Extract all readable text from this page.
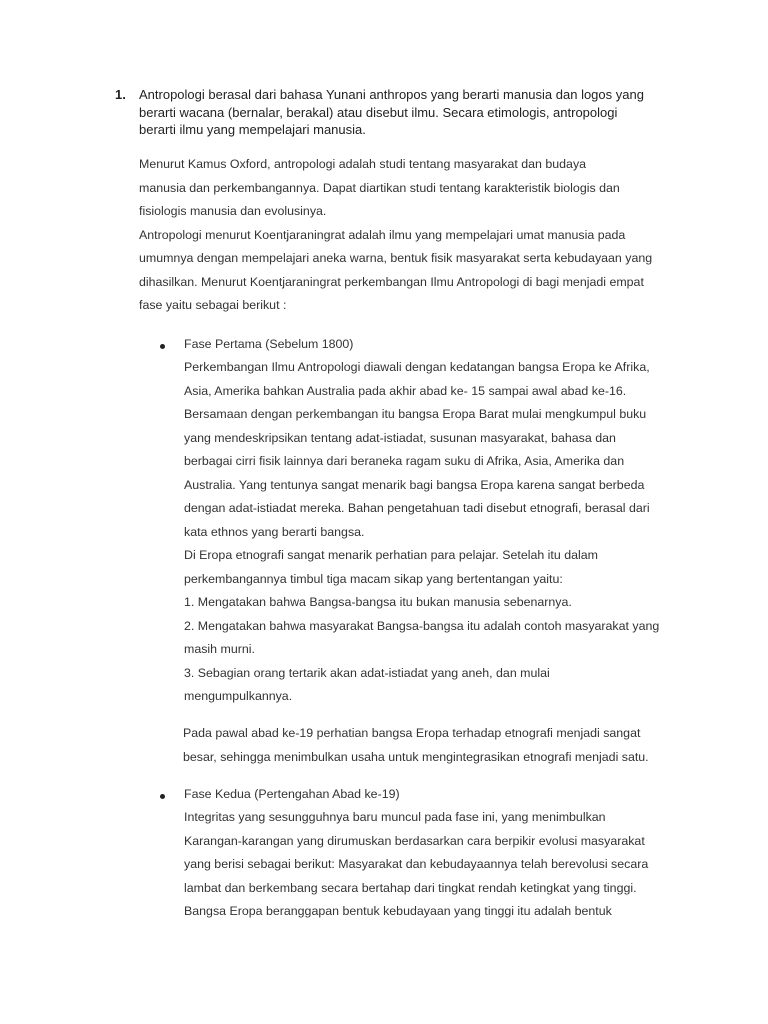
1. Antropologi berasal dari bahasa Yunani anthropos yang berarti manusia dan logos yang
berarti wacana (bernalar, berakal) atau disebut ilmu. Secara etimologis, antropologi
berarti ilmu yang mempelajari manusia.

Menurut Kamus Oxford, antropologi adalah studi tentang masyarakat dan budaya

manusia dan perkembangannya. Dapat diartikan studi tentang karakteristik biologis dan

fisiologis manusia dan evolusinya.

Antropologi menurut Koentjaraningrat adalah ilmu yang mempelajari umat manusia pada

umumnya dengan mempelajari aneka warna, bentuk fisik masyarakat serta kebudayaan yang

dihasilkan. Menurut Koentjaraningrat perkembangan Ilmu Antropologi di bagi menjadi empat

fase yaitu sebagai berikut :

Fase Pertama (Sebelum 1800)

Perkembangan Ilmu Antropologi diawali dengan kedatangan bangsa Eropa ke Afrika,

Asia, Amerika bahkan Australia pada akhir abad ke- 15 sampai awal abad ke-16.

Bersamaan dengan perkembangan itu bangsa Eropa Barat mulai mengkumpul buku

yang mendeskripsikan tentang adat-istiadat, susunan masyarakat, bahasa dan

berbagai cirri fisik lainnya dari beraneka ragam suku di Afrika, Asia, Amerika dan

Australia. Yang tentunya sangat menarik bagi bangsa Eropa karena sangat berbeda

dengan adat-istiadat mereka. Bahan pengetahuan tadi disebut etnografi, berasal dari

kata ethnos yang berarti bangsa.

Di Eropa etnografi sangat menarik perhatian para pelajar. Setelah itu dalam

perkembangannya timbul tiga macam sikap yang bertentangan yaitu:

1. Mengatakan bahwa Bangsa-bangsa itu bukan manusia sebenarnya.

2. Mengatakan bahwa masyarakat Bangsa-bangsa itu adalah contoh masyarakat yang

masih murni.

3. Sebagian orang tertarik akan adat-istiadat yang aneh, dan mulai

mengumpulkannya.

Pada pawal abad ke-19 perhatian bangsa Eropa terhadap etnografi menjadi sangat
besar, sehingga menimbulkan usaha untuk mengintegrasikan etnografi menjadi satu.
Fase Kedua (Pertengahan Abad ke-19)

Integritas yang sesungguhnya baru muncul pada fase ini, yang menimbulkan

Karangan-karangan yang dirumuskan berdasarkan cara berpikir evolusi masyarakat

yang berisi sebagai berikut: Masyarakat dan kebudayaannya telah berevolusi secara

lambat dan berkembang secara bertahap dari tingkat rendah ketingkat yang tinggi.

Bangsa Eropa beranggapan bentuk kebudayaan yang tinggi itu adalah bentuk
